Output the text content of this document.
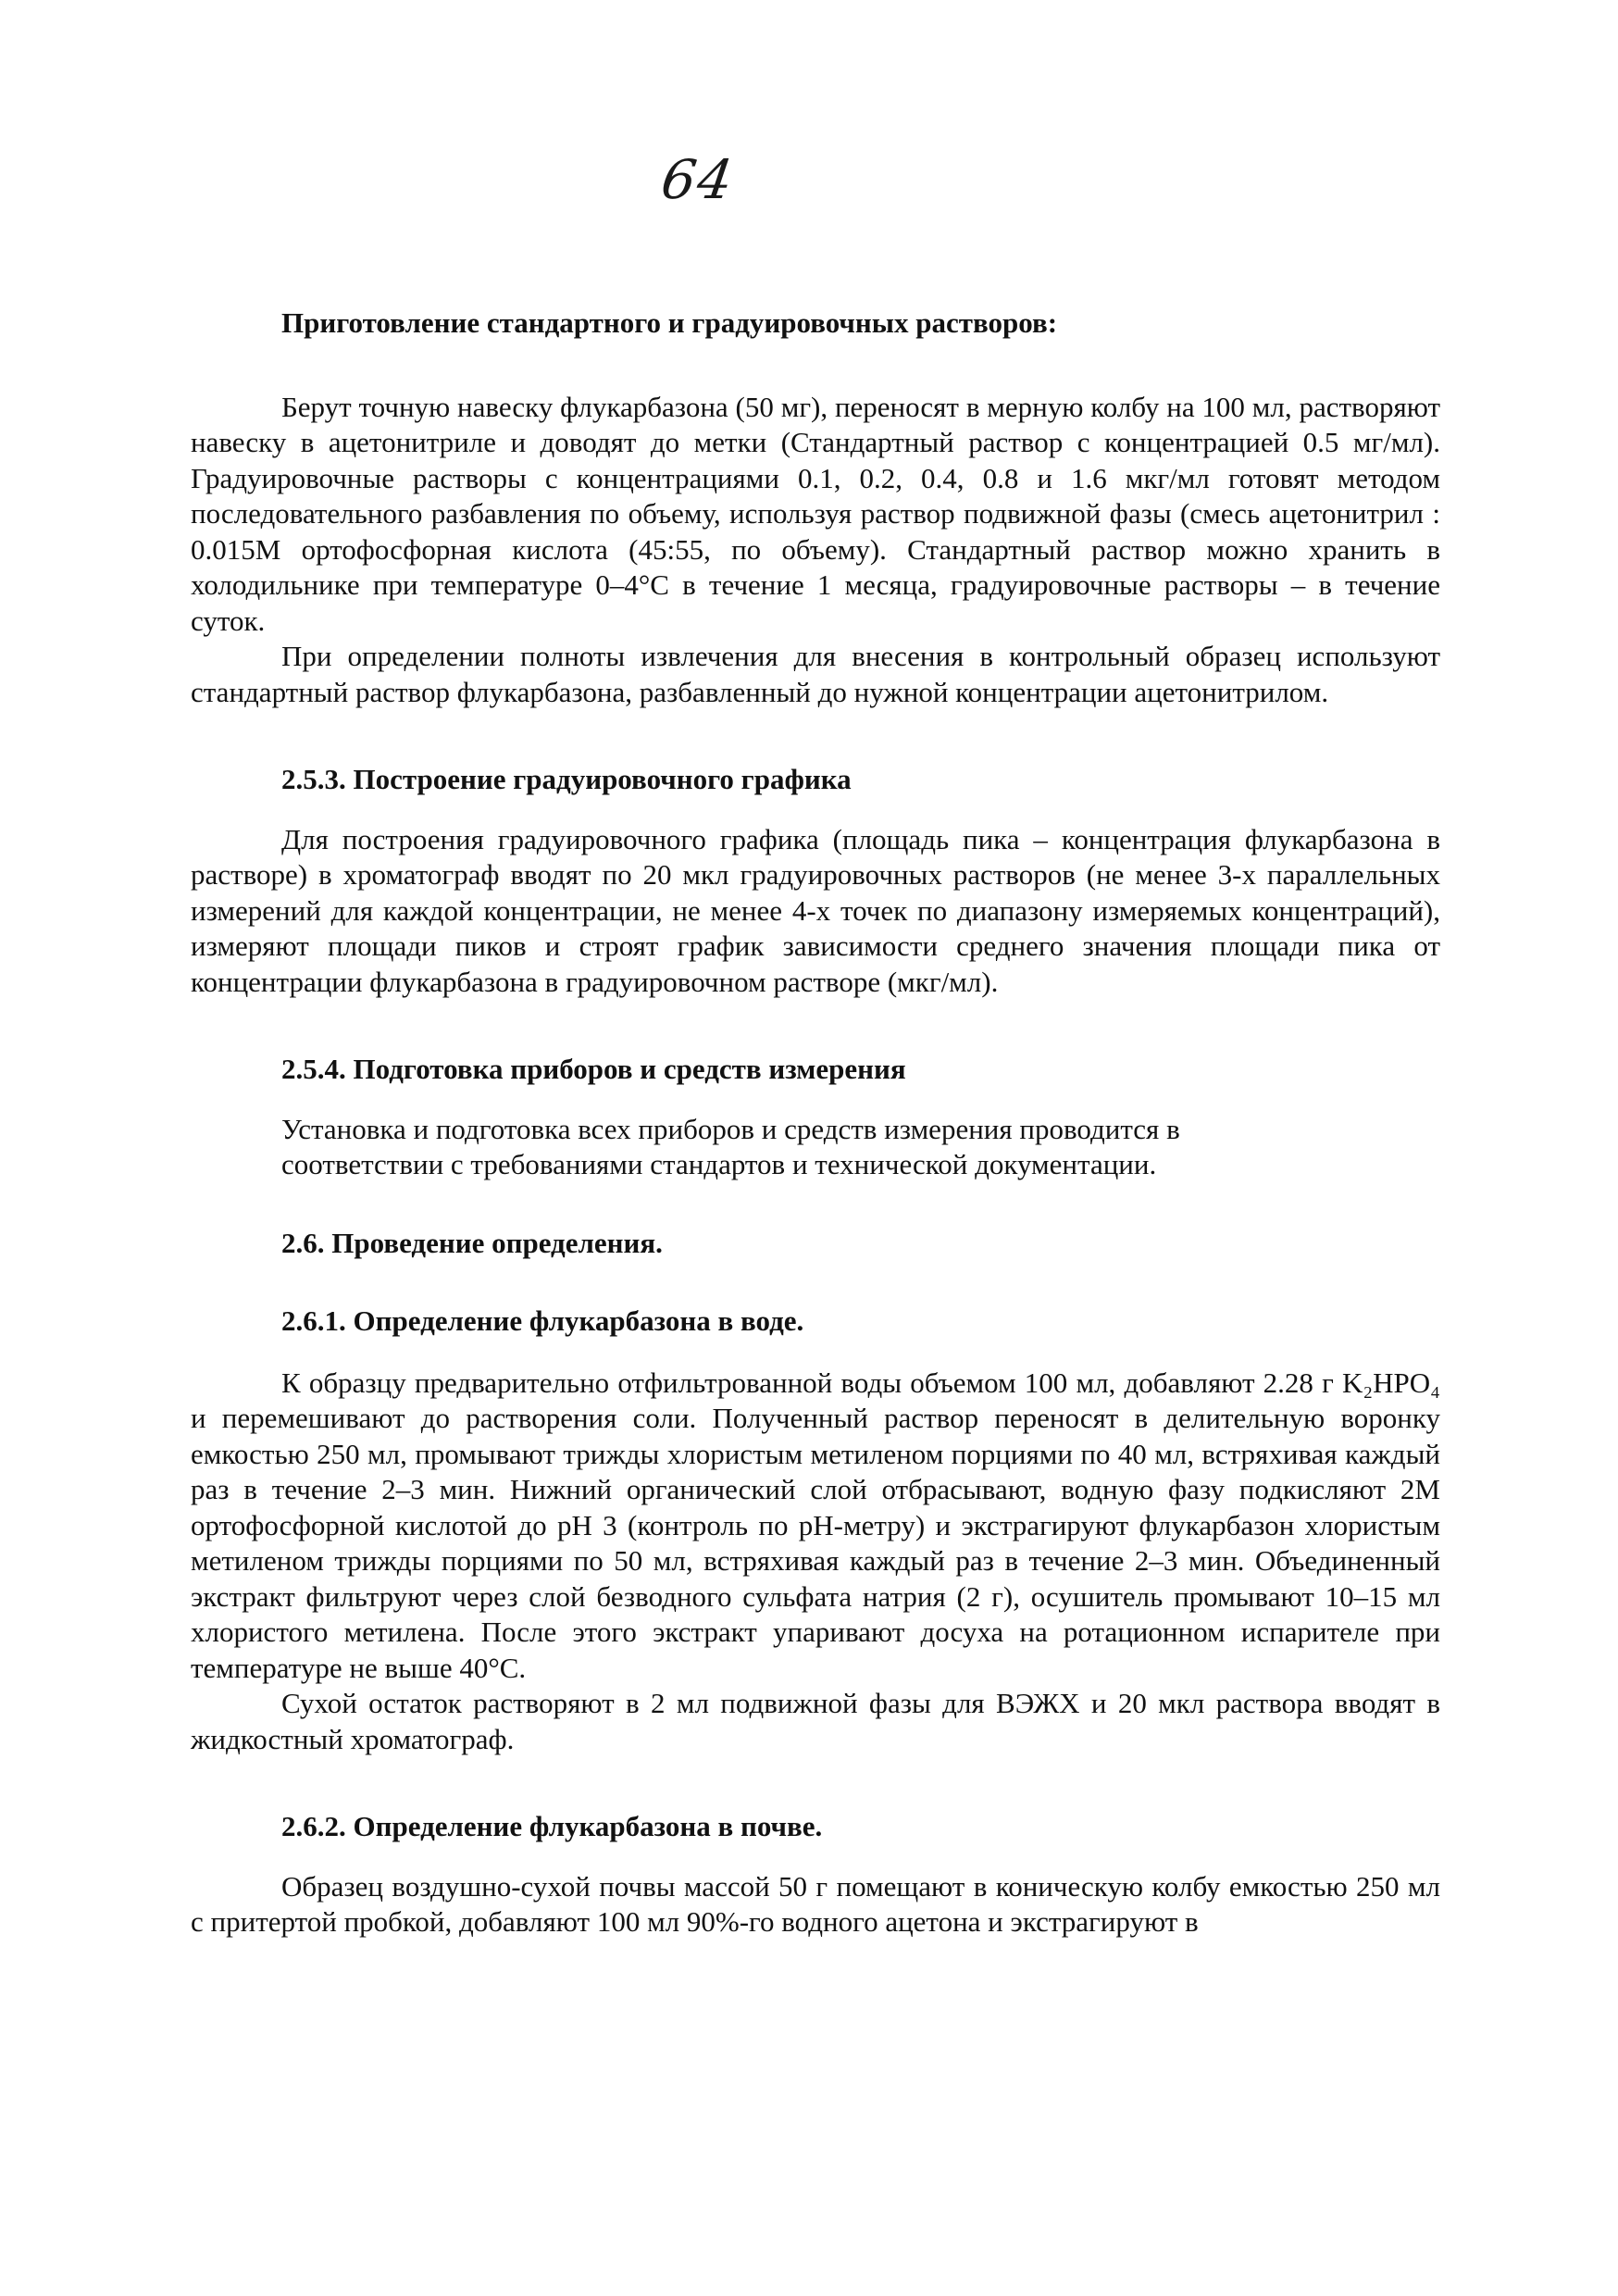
64

Приготовление стандартного и градуировочных растворов:

Берут точную навеску флукарбазона (50 мг), переносят в мерную колбу на 100 мл, растворяют навеску в ацетонитриле и доводят до метки (Стандартный раствор с концентрацией 0.5 мг/мл). Градуировочные растворы с концентрациями 0.1, 0.2, 0.4, 0.8 и 1.6 мкг/мл готовят методом последовательного разбавления по объему, используя раствор подвижной фазы (смесь ацетонитрил : 0.015М ортофосфорная кислота (45:55, по объему). Стандартный раствор можно хранить в холодильнике при температуре 0–4°С в течение 1 месяца, градуировочные растворы – в течение суток.

При определении полноты извлечения для внесения в контрольный образец используют стандартный раствор флукарбазона, разбавленный до нужной концентрации ацетонитрилом.

2.5.3. Построение градуировочного графика

Для построения градуировочного графика (площадь пика – концентрация флукарбазона в растворе) в хроматограф вводят по 20 мкл градуировочных растворов (не менее 3-х параллельных измерений для каждой концентрации, не менее 4-х точек по диапазону измеряемых концентраций), измеряют площади пиков и строят график зависимости среднего значения площади пика от концентрации флукарбазона в градуировочном растворе (мкг/мл).

2.5.4. Подготовка приборов и средств измерения

Установка и подготовка всех приборов и средств измерения проводится в соответствии с требованиями стандартов и технической документации.

2.6. Проведение определения.

2.6.1. Определение флукарбазона в воде.

К образцу предварительно отфильтрованной воды объемом 100 мл, добавляют 2.28 г K₂HPO₄ и перемешивают до растворения соли. Полученный раствор переносят в делительную воронку емкостью 250 мл, промывают трижды хлористым метиленом порциями по 40 мл, встряхивая каждый раз в течение 2–3 мин. Нижний органический слой отбрасывают, водную фазу подкисляют 2М ортофосфорной кислотой до pH 3 (контроль по pH-метру) и экстрагируют флукарбазон хлористым метиленом трижды порциями по 50 мл, встряхивая каждый раз в течение 2–3 мин. Объединенный экстракт фильтруют через слой безводного сульфата натрия (2 г), осушитель промывают 10–15 мл хлористого метилена. После этого экстракт упаривают досуха на ротационном испарителе при температуре не выше 40°С.

Сухой остаток растворяют в 2 мл подвижной фазы для ВЭЖХ и 20 мкл раствора вводят в жидкостный хроматограф.

2.6.2. Определение флукарбазона в почве.

Образец воздушно-сухой почвы массой 50 г помещают в коническую колбу емкостью 250 мл с притертой пробкой, добавляют 100 мл 90%-го водного ацетона и экстрагируют в
